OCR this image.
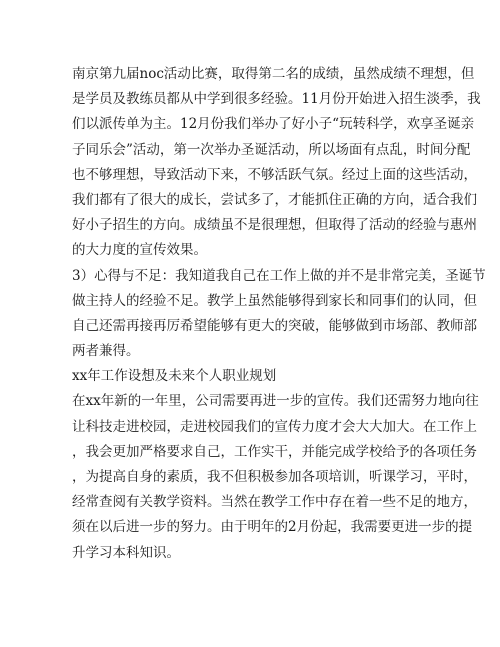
南京第九届noc活动比赛，取得第二名的成绩，虽然成绩不理想，但
是学员及教练员都从中学到很多经验。11月份开始进入招生淡季，我
们以派传单为主。12月份我们举办了好小子“玩转科学，欢享圣诞亲
子同乐会”活动，第一次举办圣诞活动，所以场面有点乱，时间分配
也不够理想，导致活动下来，不够活跃气氛。经过上面的这些活动，
我们都有了很大的成长，尝试多了，才能抓住正确的方向，适合我们
好小子招生的方向。成绩虽不是很理想，但取得了活动的经验与惠州
的大力度的宣传效果。
3）心得与不足：我知道我自己在工作上做的并不是非常完美，圣诞节
做主持人的经验不足。教学上虽然能够得到家长和同事们的认同，但
自己还需再接再厉希望能够有更大的突破，能够做到市场部、教师部
两者兼得。
xx年工作设想及未来个人职业规划
在xx年新的一年里，公司需要再进一步的宣传。我们还需努力地向往
让科技走进校园，走进校园我们的宣传力度才会大大加大。在工作上
，我会更加严格要求自己，工作实干，并能完成学校给予的各项任务
，为提高自身的素质，我不但积极参加各项培训，听课学习，平时，
经常查阅有关教学资料。当然在教学工作中存在着一些不足的地方，
须在以后进一步的努力。由于明年的2月份起，我需要更进一步的提
升学习本科知识。
